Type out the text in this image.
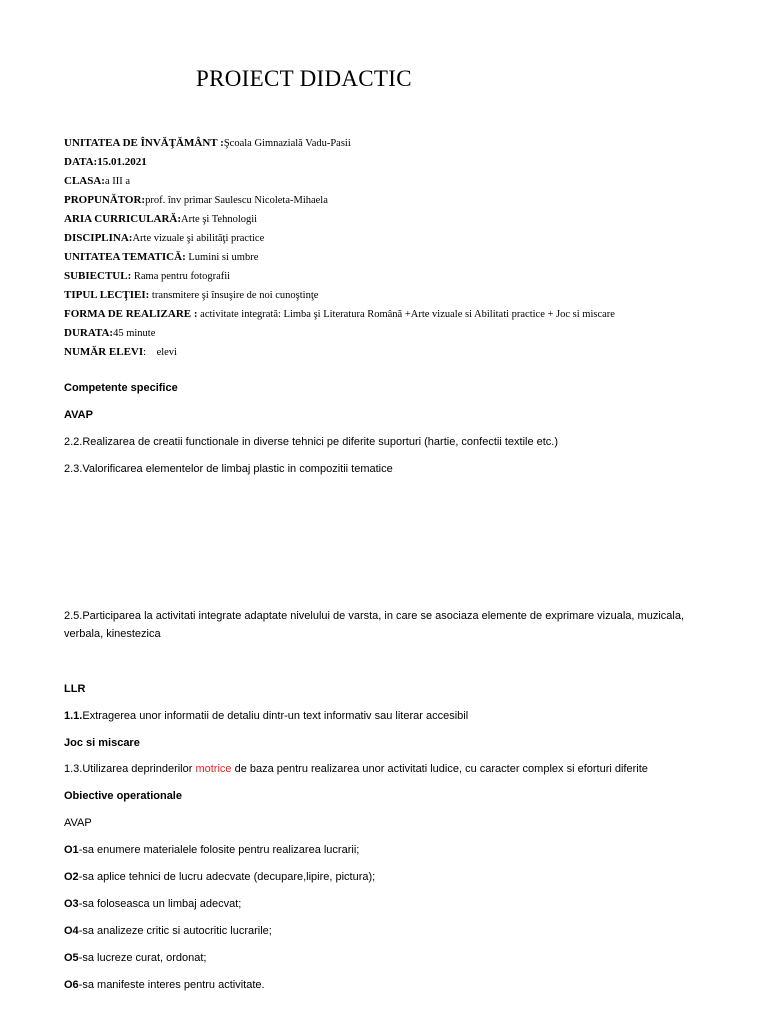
PROIECT DIDACTIC
UNITATEA DE ÎNVĂŢĂMÂNT :Şcoala Gimnazială Vadu-Pasii
DATA:15.01.2021
CLASA:a III a
PROPUNĂTOR:prof. înv primar Saulescu Nicoleta-Mihaela
ARIA CURRICULARĂ:Arte şi Tehnologii
DISCIPLINA:Arte vizuale şi abilităţi practice
UNITATEA TEMATICĂ: Lumini si umbre
SUBIECTUL: Rama pentru fotografii
TIPUL LECŢIEI: transmitere şi însuşire de noi cunoştinţe
FORMA DE REALIZARE : activitate integrată: Limba şi Literatura Română +Arte vizuale si Abilitati practice + Joc si miscare
DURATA:45 minute
NUMĂR ELEVI:    elevi
Competente specifice
AVAP
2.2.Realizarea de creatii functionale in diverse tehnici pe diferite suporturi (hartie, confectii textile etc.)
2.3.Valorificarea elementelor de limbaj plastic in compozitii tematice
2.5.Participarea la activitati integrate adaptate nivelului de varsta, in care se asociaza elemente de exprimare vizuala, muzicala, verbala, kinestezica
LLR
1.1.Extragerea unor informatii de detaliu dintr-un text informativ sau literar accesibil
Joc si miscare
1.3.Utilizarea deprinderilor motrice de baza pentru realizarea unor activitati ludice, cu caracter complex si eforturi diferite
Obiective operationale
AVAP
O1-sa enumere materialele folosite pentru realizarea lucrarii;
O2-sa aplice tehnici de lucru adecvate (decupare,lipire, pictura);
O3-sa foloseasca un limbaj adecvat;
O4-sa analizeze critic si autocritic lucrarile;
O5-sa lucreze curat, ordonat;
O6-sa manifeste interes pentru activitate.
